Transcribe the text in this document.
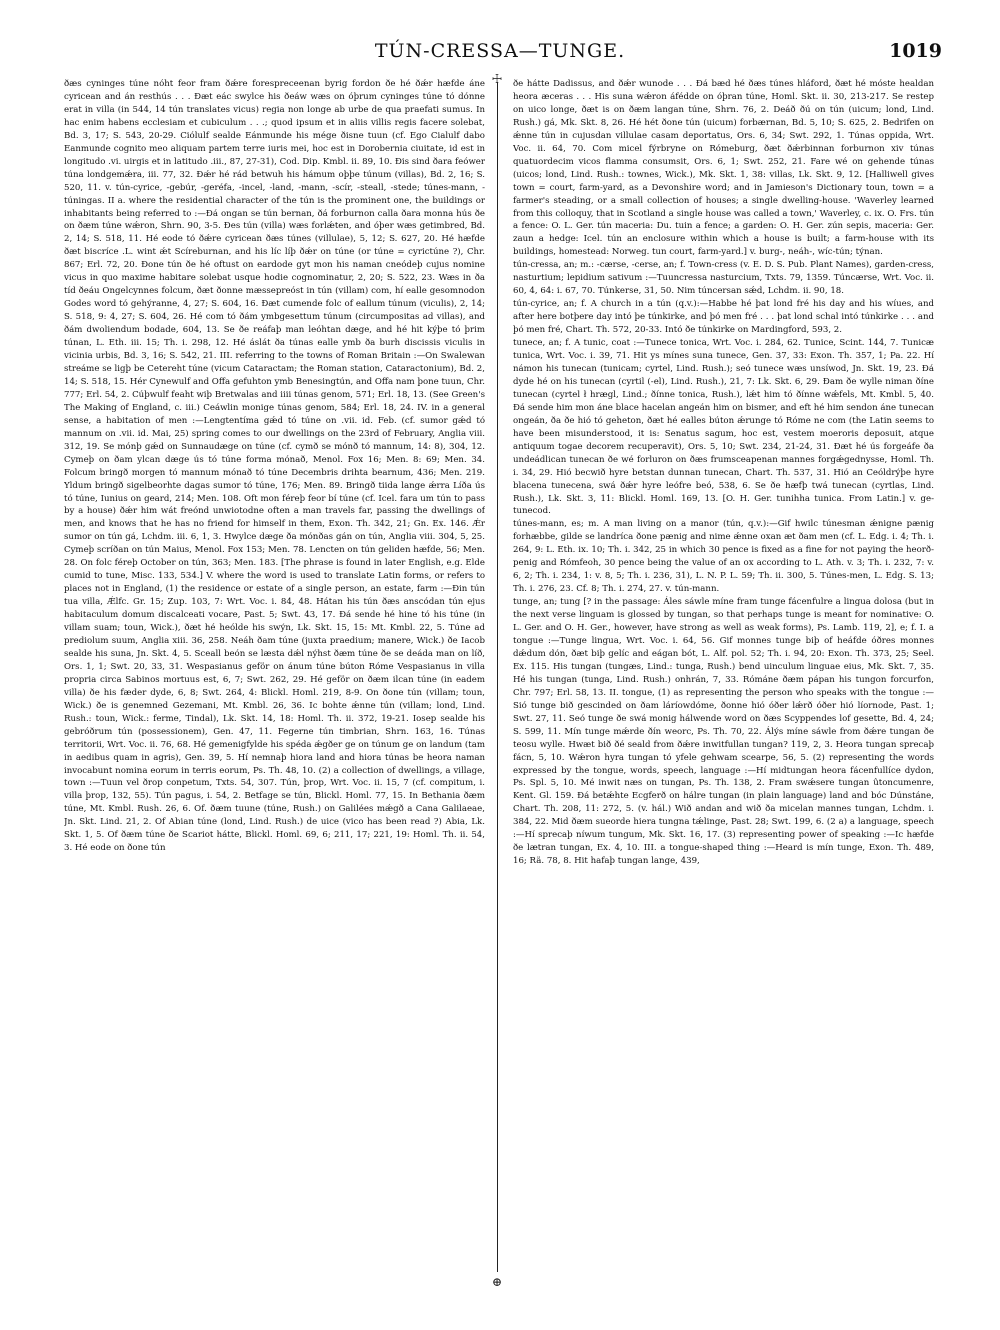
TÚN-CRESSA—TUNGE.	1019
☩
⊕

ðæs cyninges túne nóht feor fram ðǽre forespreceenan byrig fordon ðe hé ðǽr hæfde áne cyricean and án resthús . . . Ðæt eác swylce his ðeáw wæs on óþrum cyninges túne tó dónne erat in villa (in 544, 14 tún translates vicus) regia non longe ab urbe de qua praefati sumus. In hac enim habens ecclesiam et cubiculum . . .; quod ipsum et in aliis villis regis facere solebat, Bd. 3, 17; S. 543, 20-29. Ciólulf sealde Eánmunde his mége ðisne tuun (cf. Ego Cialulf dabo Eanmunde cognito meo aliquam partem terre iuris mei, hoc est in Dorobernia ciuitate, id est in longitudo .vi. uirgis et in latitudo .iii., 87, 27-31), Cod. Dip. Kmbl. ii. 89, 10. Ðis sind ðara feówer túna londgemǽra, iii. 77, 32. Ðǽr hé rád betwuh his hámum oþþe túnum (villas), Bd. 2, 16; S. 520, 11. v. tún-cyrice, -gebúr, -geréfa, -incel, -land, -mann, -scír, -steall, -stede; túnes-mann, -túningas. II a. where the residential character of the tún is the prominent one, the buildings or inhabitants being referred to :—Ðá ongan se tún bernan, ðá forburnon calla ðara monna hús ðe on ðæm túne wǽron, Shrn. 90, 3-5. Ðes tún (villa) wæs forlǽten, and óþer wæs getimbred, Bd. 2, 14; S. 518, 11. Hé eode tó ðǽre cyricean ðæs túnes (villulae), 5, 12; S. 627, 20. Hé hæfde ðæt biscríce .L. wint ǽt Scíreburnan, and his líc líþ ðǽr on túne (or túne = cyrictúne ?), Chr. 867; Erl. 72, 20. Ðone tún ðe hé oftust on eardode gyt mon his naman cneódeþ cujus nomine vicus in quo maxime habitare solebat usque hodie cognominatur, 2, 20; S. 522, 23. Wæs in ða tíd ðeáu Ongelcynnes folcum, ðæt ðonne mæssepreóst in tún (villam) com, hí ealle gesomnodon Godes word tó gehýranne, 4, 27; S. 604, 16. Ðæt cumende folc of eallum túnum (viculis), 2, 14; S. 518, 9: 4, 27; S. 604, 26. Hé com tó ðám ymbgesettum túnum (circumpositas ad villas), and ðám dwoliendum bodade, 604, 13. Se ðe reáfaþ man leóhtan dæge, and hé hit kýþe tó þrim túnan, L. Eth. iii. 15; Th. i. 298, 12. Hé áslát ða túnas ealle ymb ða burh discissis viculis in vicinia urbis, Bd. 3, 16; S. 542, 21. III. referring to the towns of Roman Britain :—On Swalewan streáme se ligþ be Cetereht túne (vicum Cataractam; the Roman station, Cataractonium), Bd. 2, 14; S. 518, 15. Hér Cynewulf and Offa gefuhton ymb Benesingtún, and Offa nam þone tuun, Chr. 777; Erl. 54, 2. Cúþwulf feaht wiþ Bretwalas and iiii túnas genom, 571; Erl. 18, 13. (See Green's The Making of England, c. iii.) Ceáwlin monige túnas genom, 584; Erl. 18, 24. IV. in a general sense, a habitation of men :—Lengtentíma gǽd tó túne on .vii. id. Feb. (cf. sumor gǽd tó mannum on .vii. id. Mai, 25) spring comes to our dwellings on the 23rd of February, Anglia viii. 312, 19. Se mónþ gǽd on Sunnaudæge on túne (cf. cymð se mónð tó mannum, 14: 8), 304, 12. Cymeþ on ðam ylcan dæge ús tó túne forma mónað, Menol. Fox 16; Men. 8: 69; Men. 34. Folcum bringð morgen tó mannum mónað tó túne Decembris drihta bearnum, 436; Men. 219. Yldum bringð sigelbeorhte dagas sumor tó túne, 176; Men. 89. Bringð tiida lange ǽrra Líða ús tó túne, Iunius on geard, 214; Men. 108. Oft mon féreþ feor bí túne (cf. Icel. fara um tún to pass by a house) ðǽr him wát freónd unwiotodne often a man travels far, passing the dwellings of men, and knows that he has no friend for himself in them, Exon. Th. 342, 21; Gn. Ex. 146. Ǽr sumor on tún gá, Lchdm. iii. 6, 1, 3. Hwylce dæge ða mónðas gán on tún, Anglia viii. 304, 5, 25. Cymeþ scríðan on tún Maius, Menol. Fox 153; Men. 78. Lencten on tún geliden hæfde, 56; Men. 28. On folc féreþ October on tún, 363; Men. 183. [The phrase is found in later English, e.g. Elde cumid to tune, Misc. 133, 534.] V. where the word is used to translate Latin forms, or refers to places not in England, (1) the residence or estate of a single person, an estate, farm :—Ðin tún tua villa, Ǽlfc. Gr. 15; Zup. 103, 7: Wrt. Voc. i. 84, 48. Hátan his tún ðæs anscódan tún ejus habitaculum domum discalceati vocare, Past. 5; Swt. 43, 17. Ðá sende hé hine tó his túne (in villam suam; toun, Wick.), ðæt hé heólde his swýn, Lk. Skt. 15, 15: Mt. Kmbl. 22, 5. Túne ad prediolum suum, Anglia xiii. 36, 258. Neáh ðam túne (juxta praedium; manere, Wick.) ðe Iacob sealde his suna, Jn. Skt. 4, 5. Sceall beón se læsta dǽl nýhst ðæm túne ðe se deáda man on líð, Ors. 1, 1; Swt. 20, 33, 31. Wespasianus geför on ánum túne búton Róme Vespasianus in villa propria circa Sabinos mortuus est, 6, 7; Swt. 262, 29. Hé geför on ðæm ilcan túne (in eadem villa) ðe his fæder dyde, 6, 8; Swt. 264, 4: Blickl. Homl. 219, 8-9. On ðone tún (villam; toun, Wick.) ðe is genemned Gezemani, Mt. Kmbl. 26, 36. Ic bohte ǽnne tún (villam; lond, Lind. Rush.: toun, Wick.: ferme, Tindal), Lk. Skt. 14, 18: Homl. Th. ii. 372, 19-21. Iosep sealde his gebróðrum tún (possessionem), Gen. 47, 11. Fegerne tún timbrian, Shrn. 163, 16. Túnas territorii, Wrt. Voc. ii. 76, 68. Hé gemenigfylde his spéda ǽgðer ge on túnum ge on landum (tam in aedibus quam in agris), Gen. 39, 5. Hí nemnaþ hiora land and hiora túnas be heora naman invocabunt nomina eorum in terris eorum, Ps. Th. 48, 10. (2) a collection of dwellings, a village, town :—Tuun vel ðrop conpetum, Txts. 54, 307. Tún, þrop, Wrt. Voc. ii. 15, 7 (cf. compitum, i. villa þrop, 132, 55). Tún pagus, i. 54, 2. Betfage se tún, Blickl. Homl. 77, 15. In Bethania ðæm túne, Mt. Kmbl. Rush. 26, 6. Of. ðæm tuune (túne, Rush.) on Galilées mǽgð a Cana Galilaeae, Jn. Skt. Lind. 21, 2. Of Abian túne (lond, Lind. Rush.) de uice (vico has been read ?) Abia, Lk. Skt. 1, 5. Of ðæm túne ðe Scariot hátte, Blickl. Homl. 69, 6; 211, 17; 221, 19: Homl. Th. ii. 54, 3. Hé eode on ðone tún

ðe hátte Dadissus, and ðǽr wunode . . . Ðá bæd hé ðæs túnes hláford, ðæt hé móste healdan heora æceras . . . His suna wǽron áfédde on óþran túne, Homl. Skt. ii. 30, 213-217. Se restep on uico longe, ðæt is on ðæm langan túne, Shrn. 76, 2. Deáð ðú on tún (uicum; lond, Lind. Rush.) gá, Mk. Skt. 8, 26. Hé hét ðone tún (uicum) forbærnan, Bd. 5, 10; S. 625, 2. Bedrifen on ǽnne tún in cujusdan villulae casam deportatus, Ors. 6, 34; Swt. 292, 1. Túnas oppida, Wrt. Voc. ii. 64, 70. Com micel fýrbryne on Rómeburg, ðæt ðǽrbinnan forburnon xiv túnas quatuordecim vicos flamma consumsit, Ors. 6, 1; Swt. 252, 21. Fare wé on gehende túnas (uicos; lond, Lind. Rush.: townes, Wick.), Mk. Skt. 1, 38: villas, Lk. Skt. 9, 12. [Halliwell gives town = court, farm-yard, as a Devonshire word; and in Jamieson's Dictionary toun, town = a farmer's steading, or a small collection of houses; a single dwelling-house. 'Waverley learned from this colloquy, that in Scotland a single house was called a town,' Waverley, c. ix. O. Frs. tún a fence: O. L. Ger. tún maceria: Du. tuin a fence; a garden: O. H. Ger. zún sepis, maceria: Ger. zaun a hedge: Icel. tún an enclosure within which a house is built; a farm-house with its buildings, homestead: Norweg. tun court, farm-yard.] v. burg-, neáh-, wíc-tún; týnan.

tún-cressa, an; m.: -cærse, -cerse, an; f. Town-cress (v. E. D. S. Pub. Plant Names), garden-cress, nasturtium; lepidium sativum :—Tuuncressa nasturcium, Txts. 79, 1359. Túncærse, Wrt. Voc. ii. 60, 4, 64: i. 67, 70. Túnkerse, 31, 50. Nim túncersan sǽd, Lchdm. ii. 90, 18.

tún-cyrice, an; f. A church in a tún (q.v.):—Habbe hé þat lond fré his day and his wíues, and after here botþere day intó þe túnkirke, and þó men fré . . . þat lond schal intó túnkirke . . . and þó men fré, Chart. Th. 572, 20-33. Intó ðe túnkirke on Mardingford, 593, 2.

tunece, an; f. A tunic, coat :—Tunece tonica, Wrt. Voc. i. 284, 62. Tunice, Scint. 144, 7. Tunicæ tunica, Wrt. Voc. i. 39, 71. Hit ys mínes suna tunece, Gen. 37, 33: Exon. Th. 357, 1; Pa. 22. Hí námon his tunecan (tunicam; cyrtel, Lind. Rush.); seó tunece wæs unsíwod, Jn. Skt. 19, 23. Ðá dyde hé on his tunecan (cyrtil (-el), Lind. Rush.), 21, 7: Lk. Skt. 6, 29. Ðam ðe wylle niman ðíne tunecan (cyrtel ł hrægl, Lind.; ðínne tonica, Rush.), lǽt him tó ðínne wǽfels, Mt. Kmbl. 5, 40. Ðá sende him mon áne blace hacelan angeán him on bismer, and eft hé him sendon áne tunecan ongeán, ða ðe hió tó geheton, ðæt hé ealles búton ǽrunge tó Róme ne com (the Latin seems to have been misunderstood, it is: Senatus sagum, hoc est, vestem moeroris deposuit, atque antiquum togae decorem recuperavit), Ors. 5, 10; Swt. 234, 21-24, 31. Ðæt hé ús forgeáfe ða undeádlican tunecan ðe wé forluron on ðæs frumsceapenan mannes forgǽgednysse, Homl. Th. i. 34, 29. Hió becwið hyre betstan dunnan tunecan, Chart. Th. 537, 31. Hió an Ceóldrýþe hyre blacena tunecena, swá ðǽr hyre leófre beó, 538, 6. Se ðe hæfþ twá tunecan (cyrtlas, Lind. Rush.), Lk. Skt. 3, 11: Blickl. Homl. 169, 13. [O. H. Ger. tunihha tunica. From Latin.] v. ge-tunecod.

túnes-mann, es; m. A man living on a manor (tún, q.v.):—Gif hwilc túnesman ǽnigne pænig forhæbbe, gilde se landríca ðone pænig and nime ǽnne oxan æt ðam men (cf. L. Edg. i. 4; Th. i. 264, 9: L. Eth. ix. 10; Th. i. 342, 25 in which 30 pence is fixed as a fine for not paying the heorð-penig and Rómfeoh, 30 pence being the value of an ox according to L. Ath. v. 3; Th. i. 232, 7: v. 6, 2; Th. i. 234, 1: v. 8, 5; Th. i. 236, 31), L. N. P. L. 59; Th. ii. 300, 5. Túnes-men, L. Edg. S. 13; Th. i. 276, 23. Cf. 8; Th. i. 274, 27. v. tún-mann.

tunge, an; tung [? in the passage: Áles sáwle míne fram tunge fácenfulre a lingua dolosa (but in the next verse linguam is glossed by tungan, so that perhaps tunge is meant for nominative: O. L. Ger. and O. H. Ger., however, have strong as well as weak forms), Ps. Lamb. 119, 2], e; f. I. a tongue :—Tunge lingua, Wrt. Voc. i. 64, 56. Gif monnes tunge biþ of heáfde óðres monnes dǽdum dón, ðæt biþ gelíc and eágan bót, L. Alf. pol. 52; Th. i. 94, 20: Exon. Th. 373, 25; Seel. Ex. 115. His tungan (tungæs, Lind.: tunga, Rush.) bend uinculum linguae eius, Mk. Skt. 7, 35. Hé his tungan (tunga, Lind. Rush.) onhrán, 7, 33. Rómáne ðæm pápan his tungon forcurfon, Chr. 797; Erl. 58, 13. II. tongue, (1) as representing the person who speaks with the tongue :—Sió tunge bið gescinded on ðam láríowdóme, ðonne hió óðer lǽrð óðer hió líornode, Past. 1; Swt. 27, 11. Seó tunge ðe swá monig hálwende word on ðæs Scyppendes lof gesette, Bd. 4, 24; S. 599, 11. Mín tunge mǽrde ðín weorc, Ps. Th. 70, 22. Álýs míne sáwle from ðǽre tungan ðe teosu wylle. Hwæt bið ðé seald from ðǽre inwitfullan tungan? 119, 2, 3. Heora tungan sprecaþ fácn, 5, 10. Wǽron hyra tungan tó yfele gehwam scearpe, 56, 5. (2) representing the words expressed by the tongue, words, speech, language :—Hí midtungan heora fácenfullíce dydon, Ps. Spl. 5, 10. Mé inwit næs on tungan, Ps. Th. 138, 2. Fram swǽsere tungan ûtoncumenre, Kent. Gl. 159. Ðá betǽhte Ecgferð on hálre tungan (in plain language) land and bóc Dúnstáne, Chart. Th. 208, 11: 272, 5. (v. hál.) Wið andan and wið ða micelan mannes tungan, Lchdm. i. 384, 22. Mid ðæm sueorde hiera tungna tǽlinge, Past. 28; Swt. 199, 6. (2 a) a language, speech :—Hí sprecaþ níwum tungum, Mk. Skt. 16, 17. (3) representing power of speaking :—Ic hæfde ðe lætran tungan, Ex. 4, 10. III. a tongue-shaped thing :—Heard is mín tunge, Exon. Th. 489, 16; Rä. 78, 8. Hit hafaþ tungan lange, 439,
